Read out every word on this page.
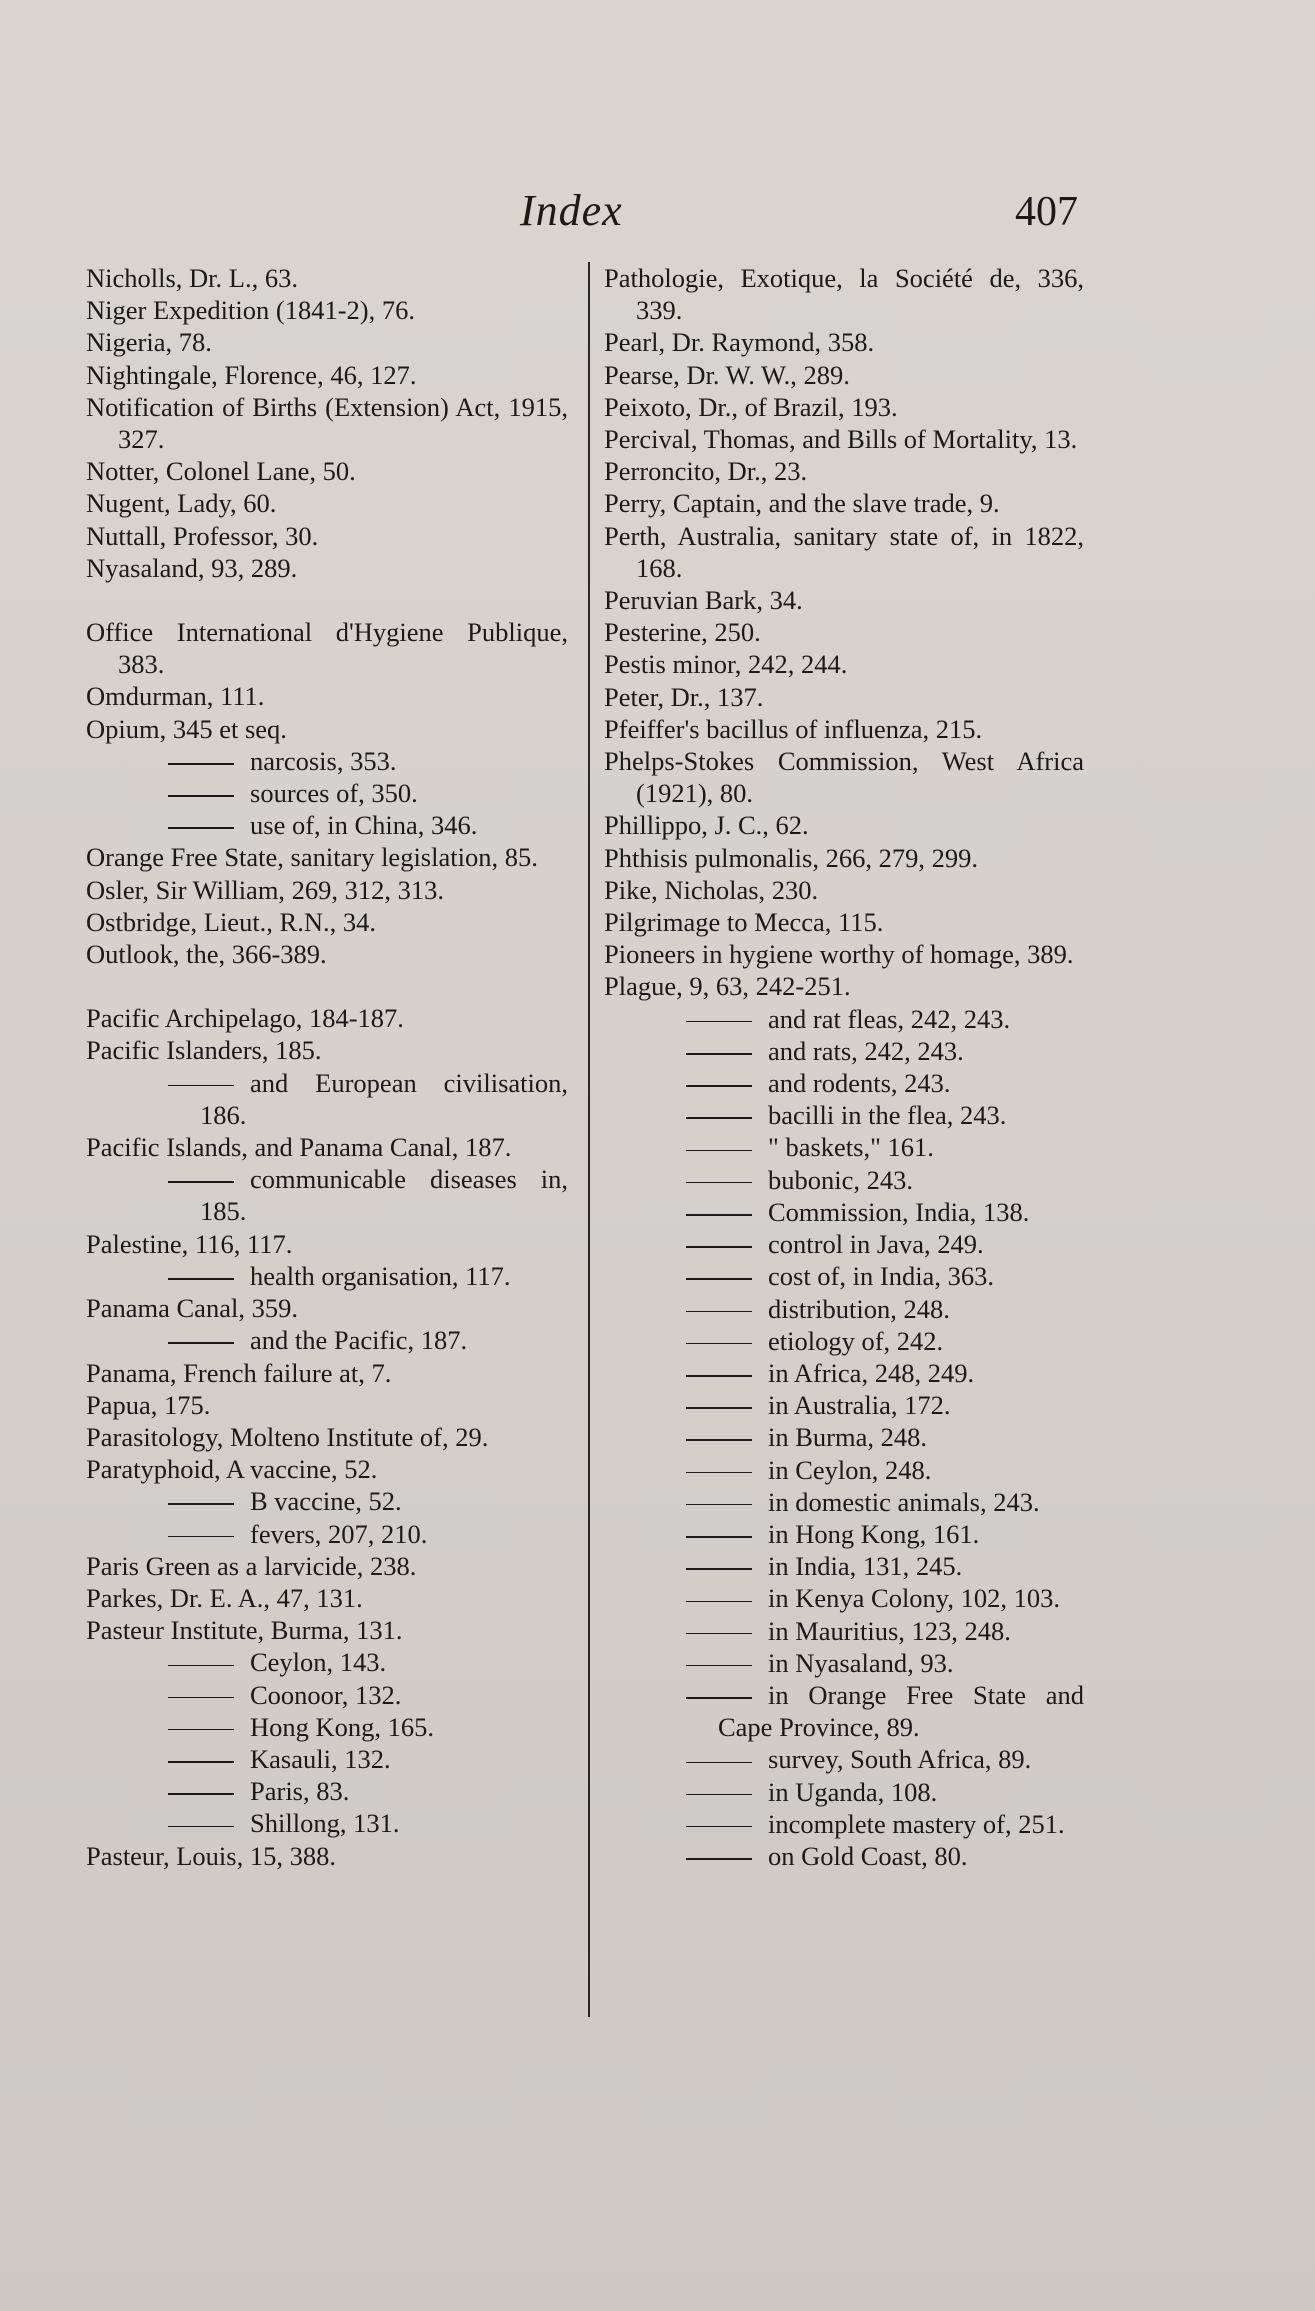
Index	407
Nicholls, Dr. L., 63.
Niger Expedition (1841-2), 76.
Nigeria, 78.
Nightingale, Florence, 46, 127.
Notification of Births (Extension) Act, 1915, 327.
Notter, Colonel Lane, 50.
Nugent, Lady, 60.
Nuttall, Professor, 30.
Nyasaland, 93, 289.
Office International d'Hygiene Publique, 383.
Omdurman, 111.
Opium, 345 et seq.
narcosis, 353.
sources of, 350.
use of, in China, 346.
Orange Free State, sanitary legislation, 85.
Osler, Sir William, 269, 312, 313.
Ostbridge, Lieut., R.N., 34.
Outlook, the, 366-389.
Pacific Archipelago, 184-187.
Pacific Islanders, 185.
and European civilisation, 186.
Pacific Islands, and Panama Canal, 187.
communicable diseases in, 185.
Palestine, 116, 117.
health organisation, 117.
Panama Canal, 359.
and the Pacific, 187.
Panama, French failure at, 7.
Papua, 175.
Parasitology, Molteno Institute of, 29.
Paratyphoid, A vaccine, 52.
B vaccine, 52.
fevers, 207, 210.
Paris Green as a larvicide, 238.
Parkes, Dr. E. A., 47, 131.
Pasteur Institute, Burma, 131.
Ceylon, 143.
Coonoor, 132.
Hong Kong, 165.
Kasauli, 132.
Paris, 83.
Shillong, 131.
Pasteur, Louis, 15, 388.
Pathologie, Exotique, la Société de, 336, 339.
Pearl, Dr. Raymond, 358.
Pearse, Dr. W. W., 289.
Peixoto, Dr., of Brazil, 193.
Percival, Thomas, and Bills of Mortality, 13.
Perroncito, Dr., 23.
Perry, Captain, and the slave trade, 9.
Perth, Australia, sanitary state of, in 1822, 168.
Peruvian Bark, 34.
Pesterine, 250.
Pestis minor, 242, 244.
Peter, Dr., 137.
Pfeiffer's bacillus of influenza, 215.
Phelps-Stokes Commission, West Africa (1921), 80.
Phillippo, J. C., 62.
Phthisis pulmonalis, 266, 279, 299.
Pike, Nicholas, 230.
Pilgrimage to Mecca, 115.
Pioneers in hygiene worthy of homage, 389.
Plague, 9, 63, 242-251.
and rat fleas, 242, 243.
and rats, 242, 243.
and rodents, 243.
bacilli in the flea, 243.
" baskets," 161.
bubonic, 243.
Commission, India, 138.
control in Java, 249.
cost of, in India, 363.
distribution, 248.
etiology of, 242.
in Africa, 248, 249.
in Australia, 172.
in Burma, 248.
in Ceylon, 248.
in domestic animals, 243.
in Hong Kong, 161.
in India, 131, 245.
in Kenya Colony, 102, 103.
in Mauritius, 123, 248.
in Nyasaland, 93.
in Orange Free State and Cape Province, 89.
survey, South Africa, 89.
in Uganda, 108.
incomplete mastery of, 251.
on Gold Coast, 80.
